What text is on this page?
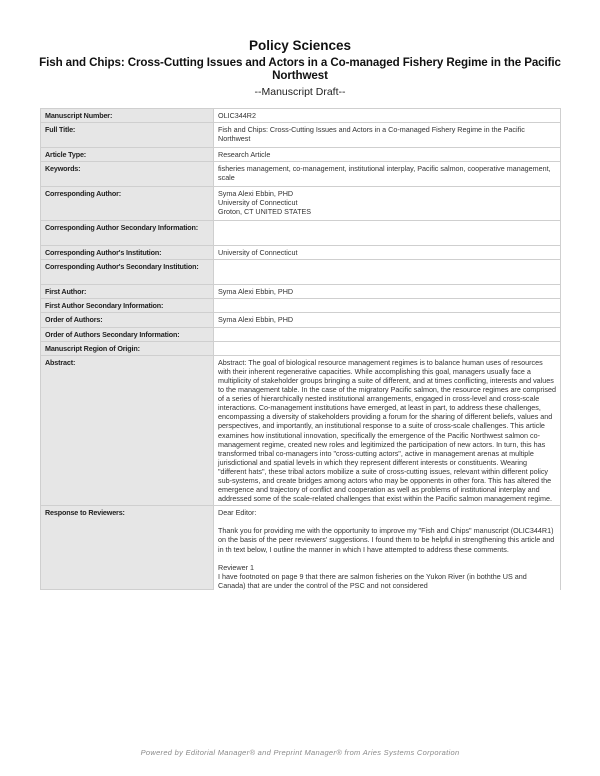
Policy Sciences
Fish and Chips: Cross-Cutting Issues and Actors in a Co-managed Fishery Regime in the Pacific Northwest
--Manuscript Draft--
Manuscript Number:	OLIC344R2
Full Title:	Fish and Chips: Cross-Cutting Issues and Actors in a Co-managed Fishery Regime in the Pacific Northwest
Article Type:	Research Article
Keywords:	fisheries management, co-management, institutional interplay, Pacific salmon, cooperative management, scale
Corresponding Author:	Syma Alexi Ebbin, PHD
University of Connecticut
Groton, CT UNITED STATES

Corresponding Author Secondary Information:	
Corresponding Author's Institution:	University of Connecticut
Corresponding Author's Secondary Institution:	
First Author:	Syma Alexi Ebbin, PHD
First Author Secondary Information:	
Order of Authors:	Syma Alexi Ebbin, PHD
Order of Authors Secondary Information:	
Manuscript Region of Origin:	
Abstract:	Abstract: The goal of biological resource management regimes is to balance human uses of resources with their inherent regenerative capacities. While accomplishing this goal, managers usually face a multiplicity of stakeholder groups bringing a suite of different, and at times conflicting, interests and values to the management table. In the case of the migratory Pacific salmon, the resource regimes are comprised of a series of hierarchically nested institutional arrangements, engaged in cross-level and cross-scale interactions. Co-management institutions have emerged, at least in part, to address these challenges, encompassing a diversity of stakeholders providing a forum for the sharing of different beliefs, values and perspectives, and importantly, an institutional response to a suite of cross-scale challenges. This article examines how institutional innovation, specifically the emergence of the Pacific Northwest salmon co-management regime, created new roles and legitimized the participation of new actors. In turn, this has transformed tribal co-managers into "cross-cutting actors", active in management arenas at multiple jurisdictional and spatial levels in which they represent different interests or constituents. Wearing "different hats", these tribal actors mobilize a suite of cross-cutting issues, relevant within different policy sub-systems, and create bridges among actors who may be opponents in other fora. This has altered the emergence and trajectory of conflict and cooperation as well as problems of institutional interplay and addressed some of the scale-related challenges that exist within the Pacific salmon management regime.
Response to Reviewers:	Dear Editor:

Thank you for providing me with the opportunity to improve my "Fish and Chips" manuscript (OLIC344R1) on the basis of the peer reviewers' suggestions. I found them to be helpful in strengthening this article and in th text below, I outline the manner in which I have attempted to address these comments.

Reviewer 1

I have footnoted on page 9 that there are salmon fisheries on the Yukon River (in boththe US and Canada) that are under the control of the PSC and not considered

Powered by Editorial Manager® and Preprint Manager® from Aries Systems Corporation
